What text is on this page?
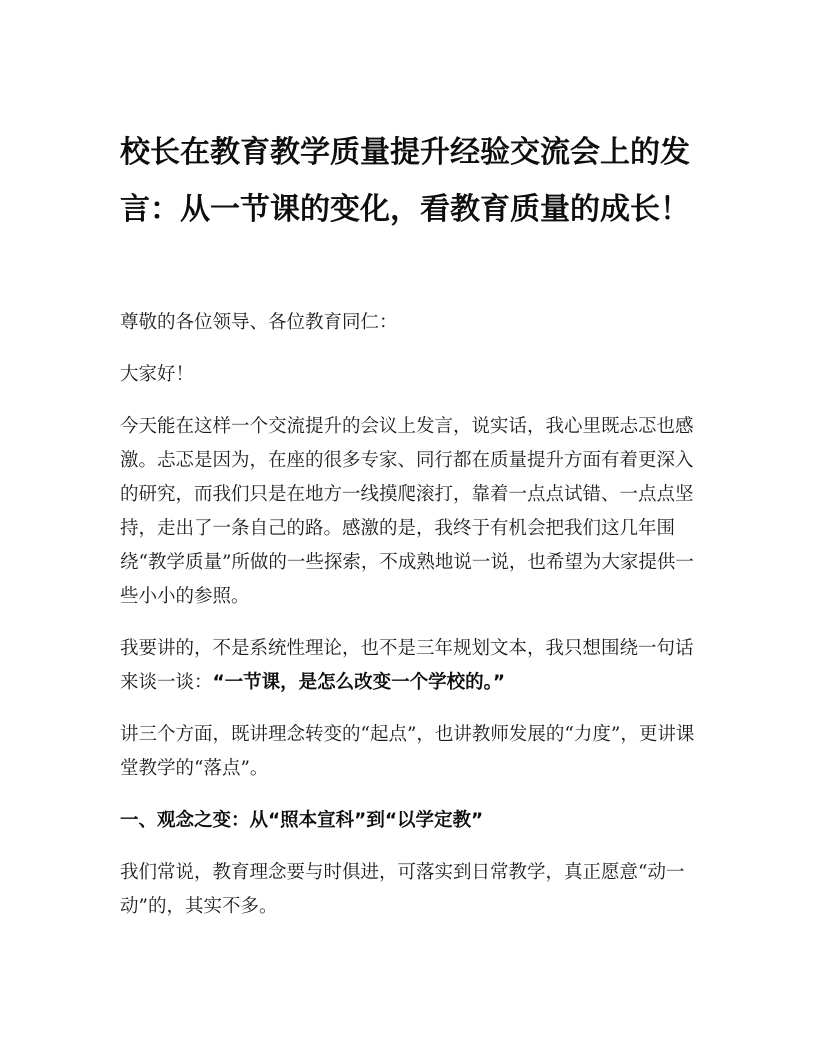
校长在教育教学质量提升经验交流会上的发言：从一节课的变化，看教育质量的成长！

尊敬的各位领导、各位教育同仁：

大家好！

今天能在这样一个交流提升的会议上发言，说实话，我心里既忐忑也感激。忐忑是因为，在座的很多专家、同行都在质量提升方面有着更深入的研究，而我们只是在地方一线摸爬滚打，靠着一点点试错、一点点坚持，走出了一条自己的路。感激的是，我终于有机会把我们这几年围绕“教学质量”所做的一些探索，不成熟地说一说，也希望为大家提供一些小小的参照。

我要讲的，不是系统性理论，也不是三年规划文本，我只想围绕一句话来谈一谈：“一节课，是怎么改变一个学校的。”

讲三个方面，既讲理念转变的“起点”，也讲教师发展的“力度”，更讲课堂教学的“落点”。

一、观念之变：从“照本宣科”到“以学定教”

我们常说，教育理念要与时俱进，可落实到日常教学，真正愿意“动一动”的，其实不多。
